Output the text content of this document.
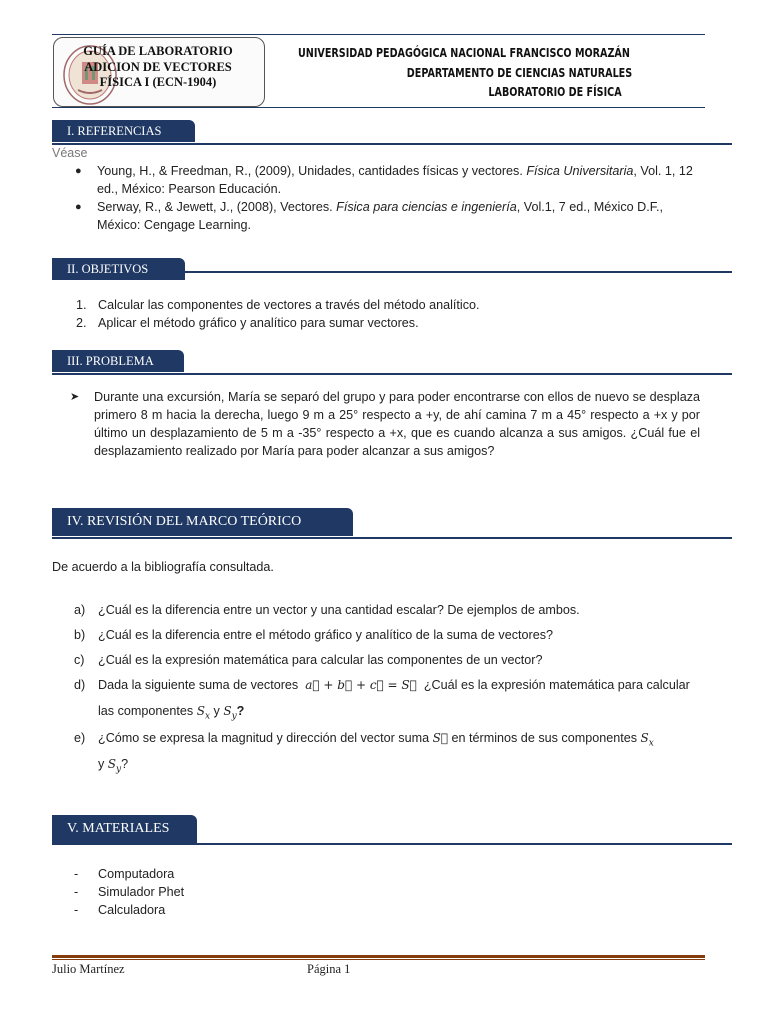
GUÍA DE LABORATORIO
ADICION DE VECTORES
FÍSICA I (ECN-1904)
UNIVERSIDAD PEDAGÓGICA NACIONAL FRANCISCO MORAZÁN
DEPARTAMENTO DE CIENCIAS NATURALES
LABORATORIO DE FÍSICA
I. REFERENCIAS
Véase
● Young, H., & Freedman, R., (2009), Unidades, cantidades físicas y vectores. Física Universitaria, Vol. 1, 12 ed., México: Pearson Educación.
● Serway, R., & Jewett, J., (2008), Vectores. Física para ciencias e ingeniería, Vol.1, 7 ed., México D.F., México: Cengage Learning.
II. OBJETIVOS
1. Calcular las componentes de vectores a través del método analítico.
2. Aplicar el método gráfico y analítico para sumar vectores.
III. PROBLEMA
➤ Durante una excursión, María se separó del grupo y para poder encontrarse con ellos de nuevo se desplaza primero 8 m hacia la derecha, luego 9 m a 25° respecto a +y, de ahí camina 7 m a 45° respecto a +x y por último un desplazamiento de 5 m a -35° respecto a +x, que es cuando alcanza a sus amigos. ¿Cuál fue el desplazamiento realizado por María para poder alcanzar a sus amigos?
IV. REVISIÓN DEL MARCO TEÓRICO
De acuerdo a la bibliografía consultada.
a) ¿Cuál es la diferencia entre un vector y una cantidad escalar? De ejemplos de ambos.
b) ¿Cuál es la diferencia entre el método gráfico y analítico de la suma de vectores?
c) ¿Cuál es la expresión matemática para calcular las componentes de un vector?
d) Dada la siguiente suma de vectores a⃗ + b⃗ + c⃗ = S⃗ ¿Cuál es la expresión matemática para calcular
las componentes $S_x$ y $S_y$?
e) ¿Cómo se expresa la magnitud y dirección del vector suma S⃗ en términos de sus componentes $S_x$
y $S_y$?
V. MATERIALES
- Computadora
- Simulador Phet
- Calculadora
Julio Martínez	Página 1
